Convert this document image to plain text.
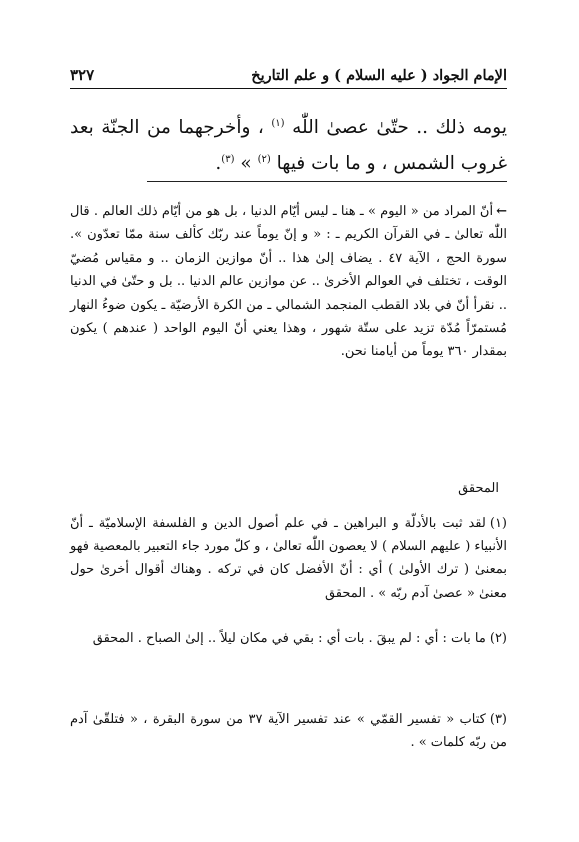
الإمام الجواد ( عليه السلام ) و علم التاريخ
٣٢٧
يومه ذلك .. حتّىٰ عصىٰ اللّٰه $^{(١)}$ ، وأخرجهما من الجنّة بعد غروب الشمس ، و ما بات فيها $^{(٢)}$ » $^{(٣)}$.
←أنّ المراد من « اليوم » ـ هنا ـ ليس أيّام الدنيا ، بل هو من أيّام ذلك العالم . قال اللّٰه تعالىٰ ـ في القرآن الكريم ـ : « و إنّ يوماً عند ربّك كألف سنة ممّا تعدّون ». سورة الحج ، الآية ٤٧ . يضاف إلىٰ هذا .. أنّ موازين الزمان .. و مقياس مُضيّ الوقت ، تختلف في العوالم الأخرىٰ .. عن موازين عالم الدنيا .. بل و حتّىٰ في الدنيا .. نقرأ أنّ في بلاد القطب المنجمد الشمالي ـ من الكرة الأرضيّة ـ يكون ضوءُ النهار مُستمرّاً مُدّة تزيد على ستّة شهور ، وهذا يعني أنّ اليوم الواحد ( عندهم ) يكون بمقدار ٣٦٠ يوماً من أيامنا نحن.
المحقق
(١)لقد ثبت بالأدلّة و البراهين ـ في علم أصول الدين و الفلسفة الإسلاميّة ـ أنّ الأنبياء ( عليهم السلام ) لا يعصون اللّٰه تعالىٰ ، و كلّ مورد جاء التعبير بالمعصية فهو بمعنىٰ ( ترك الأولىٰ ) أي : أنّ الأفضل كان في تركه . وهناك أقوال أخرىٰ حول معنىٰ « عصىٰ آدم ربّه » . المحقق
(٢)ما بات : أي : لم يبقَ . بات أي : بقي في مكان ليلاً .. إلىٰ الصباح . المحقق
(٣)كتاب « تفسير القمّي » عند تفسير الآية ٣٧ من سورة البقرة ، « فتلقّىٰ آدم من ربّه كلمات » .
